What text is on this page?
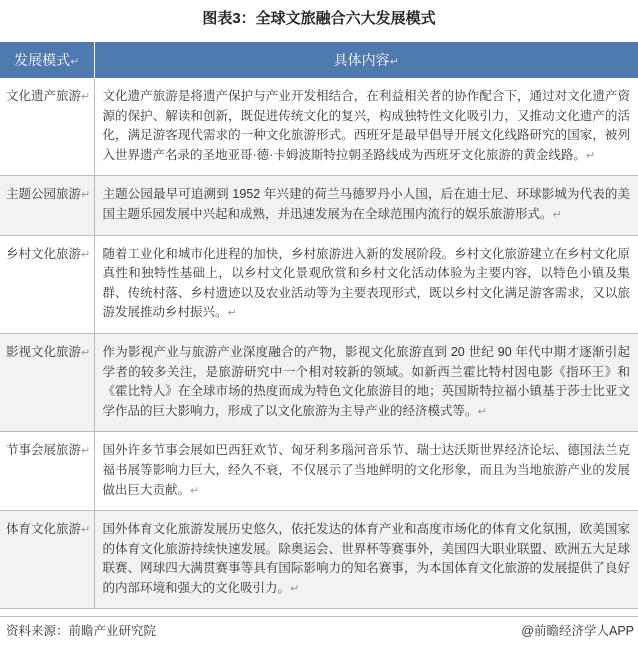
图表3：全球文旅融合六大发展模式
发展模式↵	具体内容↵
文化遗产旅游↵	文化遗产旅游是将遗产保护与产业开发相结合，在利益相关者的协作配合下，通过对文化遗产资源的保护、解读和创新，既促进传统文化的复兴，构成独特性文化吸引力，又推动文化遗产的活化，满足游客现代需求的一种文化旅游形式。西班牙是最早倡导开展文化线路研究的国家，被列入世界遗产名录的圣地亚哥·德·卡姆波斯特拉朝圣路线成为西班牙文化旅游的黄金线路。↵
主题公园旅游↵	主题公园最早可追溯到 1952 年兴建的荷兰马德罗丹小人国，后在迪士尼、环球影城为代表的美国主题乐园发展中兴起和成熟，并迅速发展为在全球范围内流行的娱乐旅游形式。↵
乡村文化旅游↵	随着工业化和城市化进程的加快，乡村旅游进入新的发展阶段。乡村文化旅游建立在乡村文化原真性和独特性基础上，以乡村文化景观欣赏和乡村文化活动体验为主要内容，以特色小镇及集群、传统村落、乡村遗迹以及农业活动等为主要表现形式，既以乡村文化满足游客需求，又以旅游发展推动乡村振兴。↵
影视文化旅游↵	作为影视产业与旅游产业深度融合的产物，影视文化旅游直到 20 世纪 90 年代中期才逐渐引起学者的较多关注，是旅游研究中一个相对较新的领域。如新西兰霍比特村因电影《指环王》和《霍比特人》在全球市场的热度而成为特色文化旅游目的地；英国斯特拉福小镇基于莎士比亚文学作品的巨大影响力，形成了以文化旅游为主导产业的经济模式等。↵
节事会展旅游↵	国外许多节事会展如巴西狂欢节、匈牙利多瑙河音乐节、瑞士达沃斯世界经济论坛、德国法兰克福书展等影响力巨大，经久不衰，不仅展示了当地鲜明的文化形象，而且为当地旅游产业的发展做出巨大贡献。↵
体育文化旅游↵	国外体育文化旅游发展历史悠久，依托发达的体育产业和高度市场化的体育文化氛围，欧美国家的体育文化旅游持续快速发展。除奥运会、世界杯等赛事外，美国四大职业联盟、欧洲五大足球联赛、网球四大满贯赛事等具有国际影响力的知名赛事，为本国体育文化旅游的发展提供了良好的内部环境和强大的文化吸引力。↵
资料来源：前瞻产业研究院	@前瞻经济学人APP
